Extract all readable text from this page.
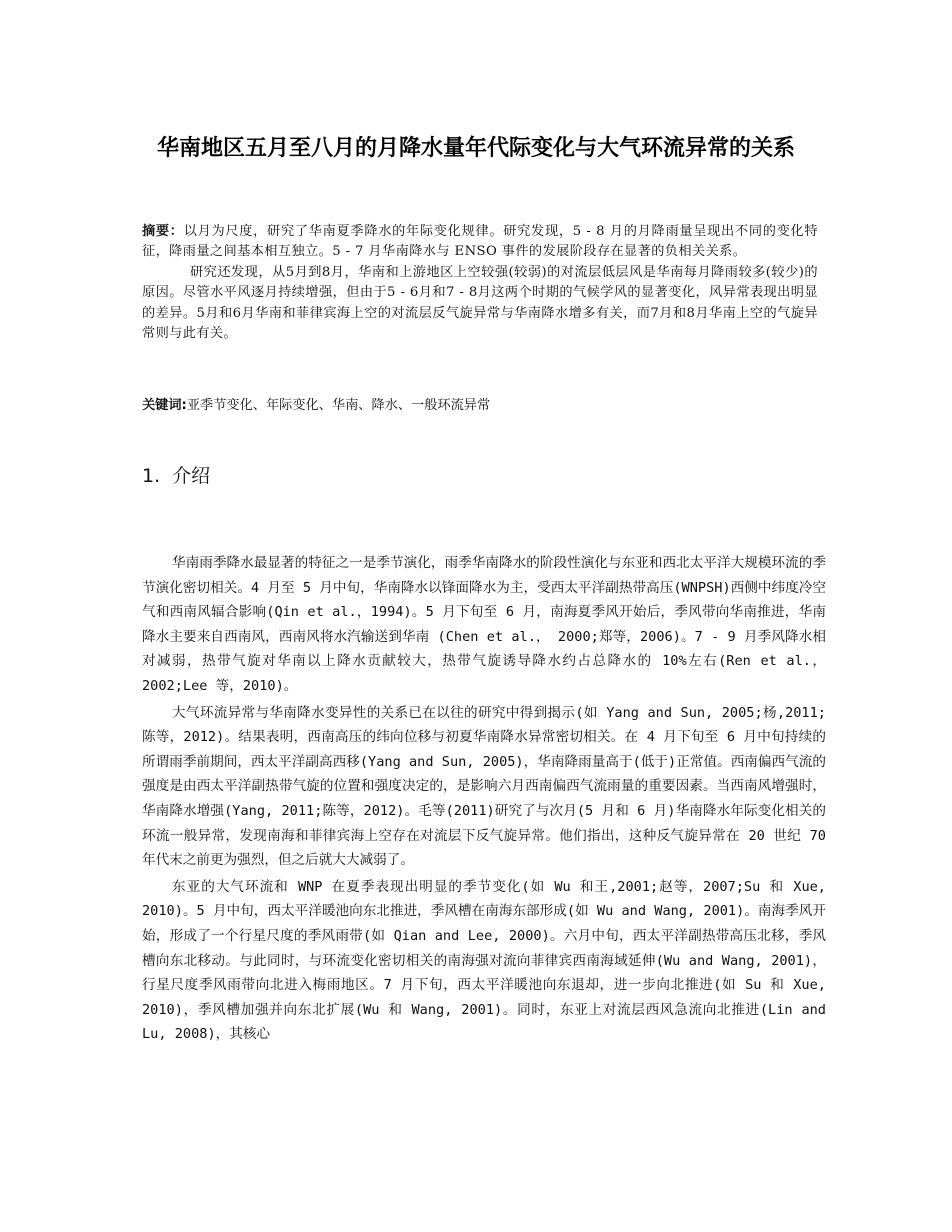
华南地区五月至八月的月降水量年代际变化与大气环流异常的关系

摘要：以月为尺度，研究了华南夏季降水的年际变化规律。研究发现，5 - 8 月的月降雨量呈现出不同的变化特征，降雨量之间基本相互独立。5 - 7 月华南降水与 ENSO 事件的发展阶段存在显著的负相关关系。

研究还发现，从5月到8月，华南和上游地区上空较强(较弱)的对流层低层风是华南每月降雨较多(较少)的原因。尽管水平风逐月持续增强，但由于5 - 6月和7 - 8月这两个时期的气候学风的显著变化，风异常表现出明显的差异。5月和6月华南和菲律宾海上空的对流层反气旋异常与华南降水增多有关，而7月和8月华南上空的气旋异常则与此有关。

关键词:亚季节变化、年际变化、华南、降水、一般环流异常
1. 介绍

华南雨季降水最显著的特征之一是季节演化，雨季华南降水的阶段性演化与东亚和西北太平洋大规模环流的季节演化密切相关。4 月至 5 月中旬，华南降水以锋面降水为主，受西太平洋副热带高压(WNPSH)西侧中纬度冷空气和西南风辐合影响(Qin et al.，1994)。5 月下旬至 6 月，南海夏季风开始后，季风带向华南推进，华南降水主要来自西南风，西南风将水汽输送到华南 (Chen et al.， 2000;郑等，2006)。7 - 9 月季风降水相对减弱，热带气旋对华南以上降水贡献较大，热带气旋诱导降水约占总降水的 10%左右(Ren et al.，2002;Lee 等，2010)。

大气环流异常与华南降水变异性的关系已在以往的研究中得到揭示(如 Yang and Sun, 2005;杨,2011;陈等，2012)。结果表明，西南高压的纬向位移与初夏华南降水异常密切相关。在 4 月下旬至 6 月中旬持续的所谓雨季前期间，西太平洋副高西移(Yang and Sun, 2005)，华南降雨量高于(低于)正常值。西南偏西气流的强度是由西太平洋副热带气旋的位置和强度决定的，是影响六月西南偏西气流雨量的重要因素。当西南风增强时，华南降水增强(Yang, 2011;陈等，2012)。毛等(2011)研究了与次月(5 月和 6 月)华南降水年际变化相关的环流一般异常，发现南海和菲律宾海上空存在对流层下反气旋异常。他们指出，这种反气旋异常在 20 世纪 70 年代末之前更为强烈，但之后就大大减弱了。

东亚的大气环流和 WNP 在夏季表现出明显的季节变化(如 Wu 和王,2001;赵等，2007;Su 和 Xue, 2010)。5 月中旬，西太平洋暖池向东北推进，季风槽在南海东部形成(如 Wu and Wang, 2001)。南海季风开始，形成了一个行星尺度的季风雨带(如 Qian and Lee, 2000)。六月中旬，西太平洋副热带高压北移，季风槽向东北移动。与此同时，与环流变化密切相关的南海强对流向菲律宾西南海域延伸(Wu and Wang, 2001)，行星尺度季风雨带向北进入梅雨地区。7 月下旬，西太平洋暖池向东退却，进一步向北推进(如 Su 和 Xue, 2010)，季风槽加强并向东北扩展(Wu 和 Wang, 2001)。同时，东亚上对流层西风急流向北推进(Lin and Lu, 2008)，其核心
